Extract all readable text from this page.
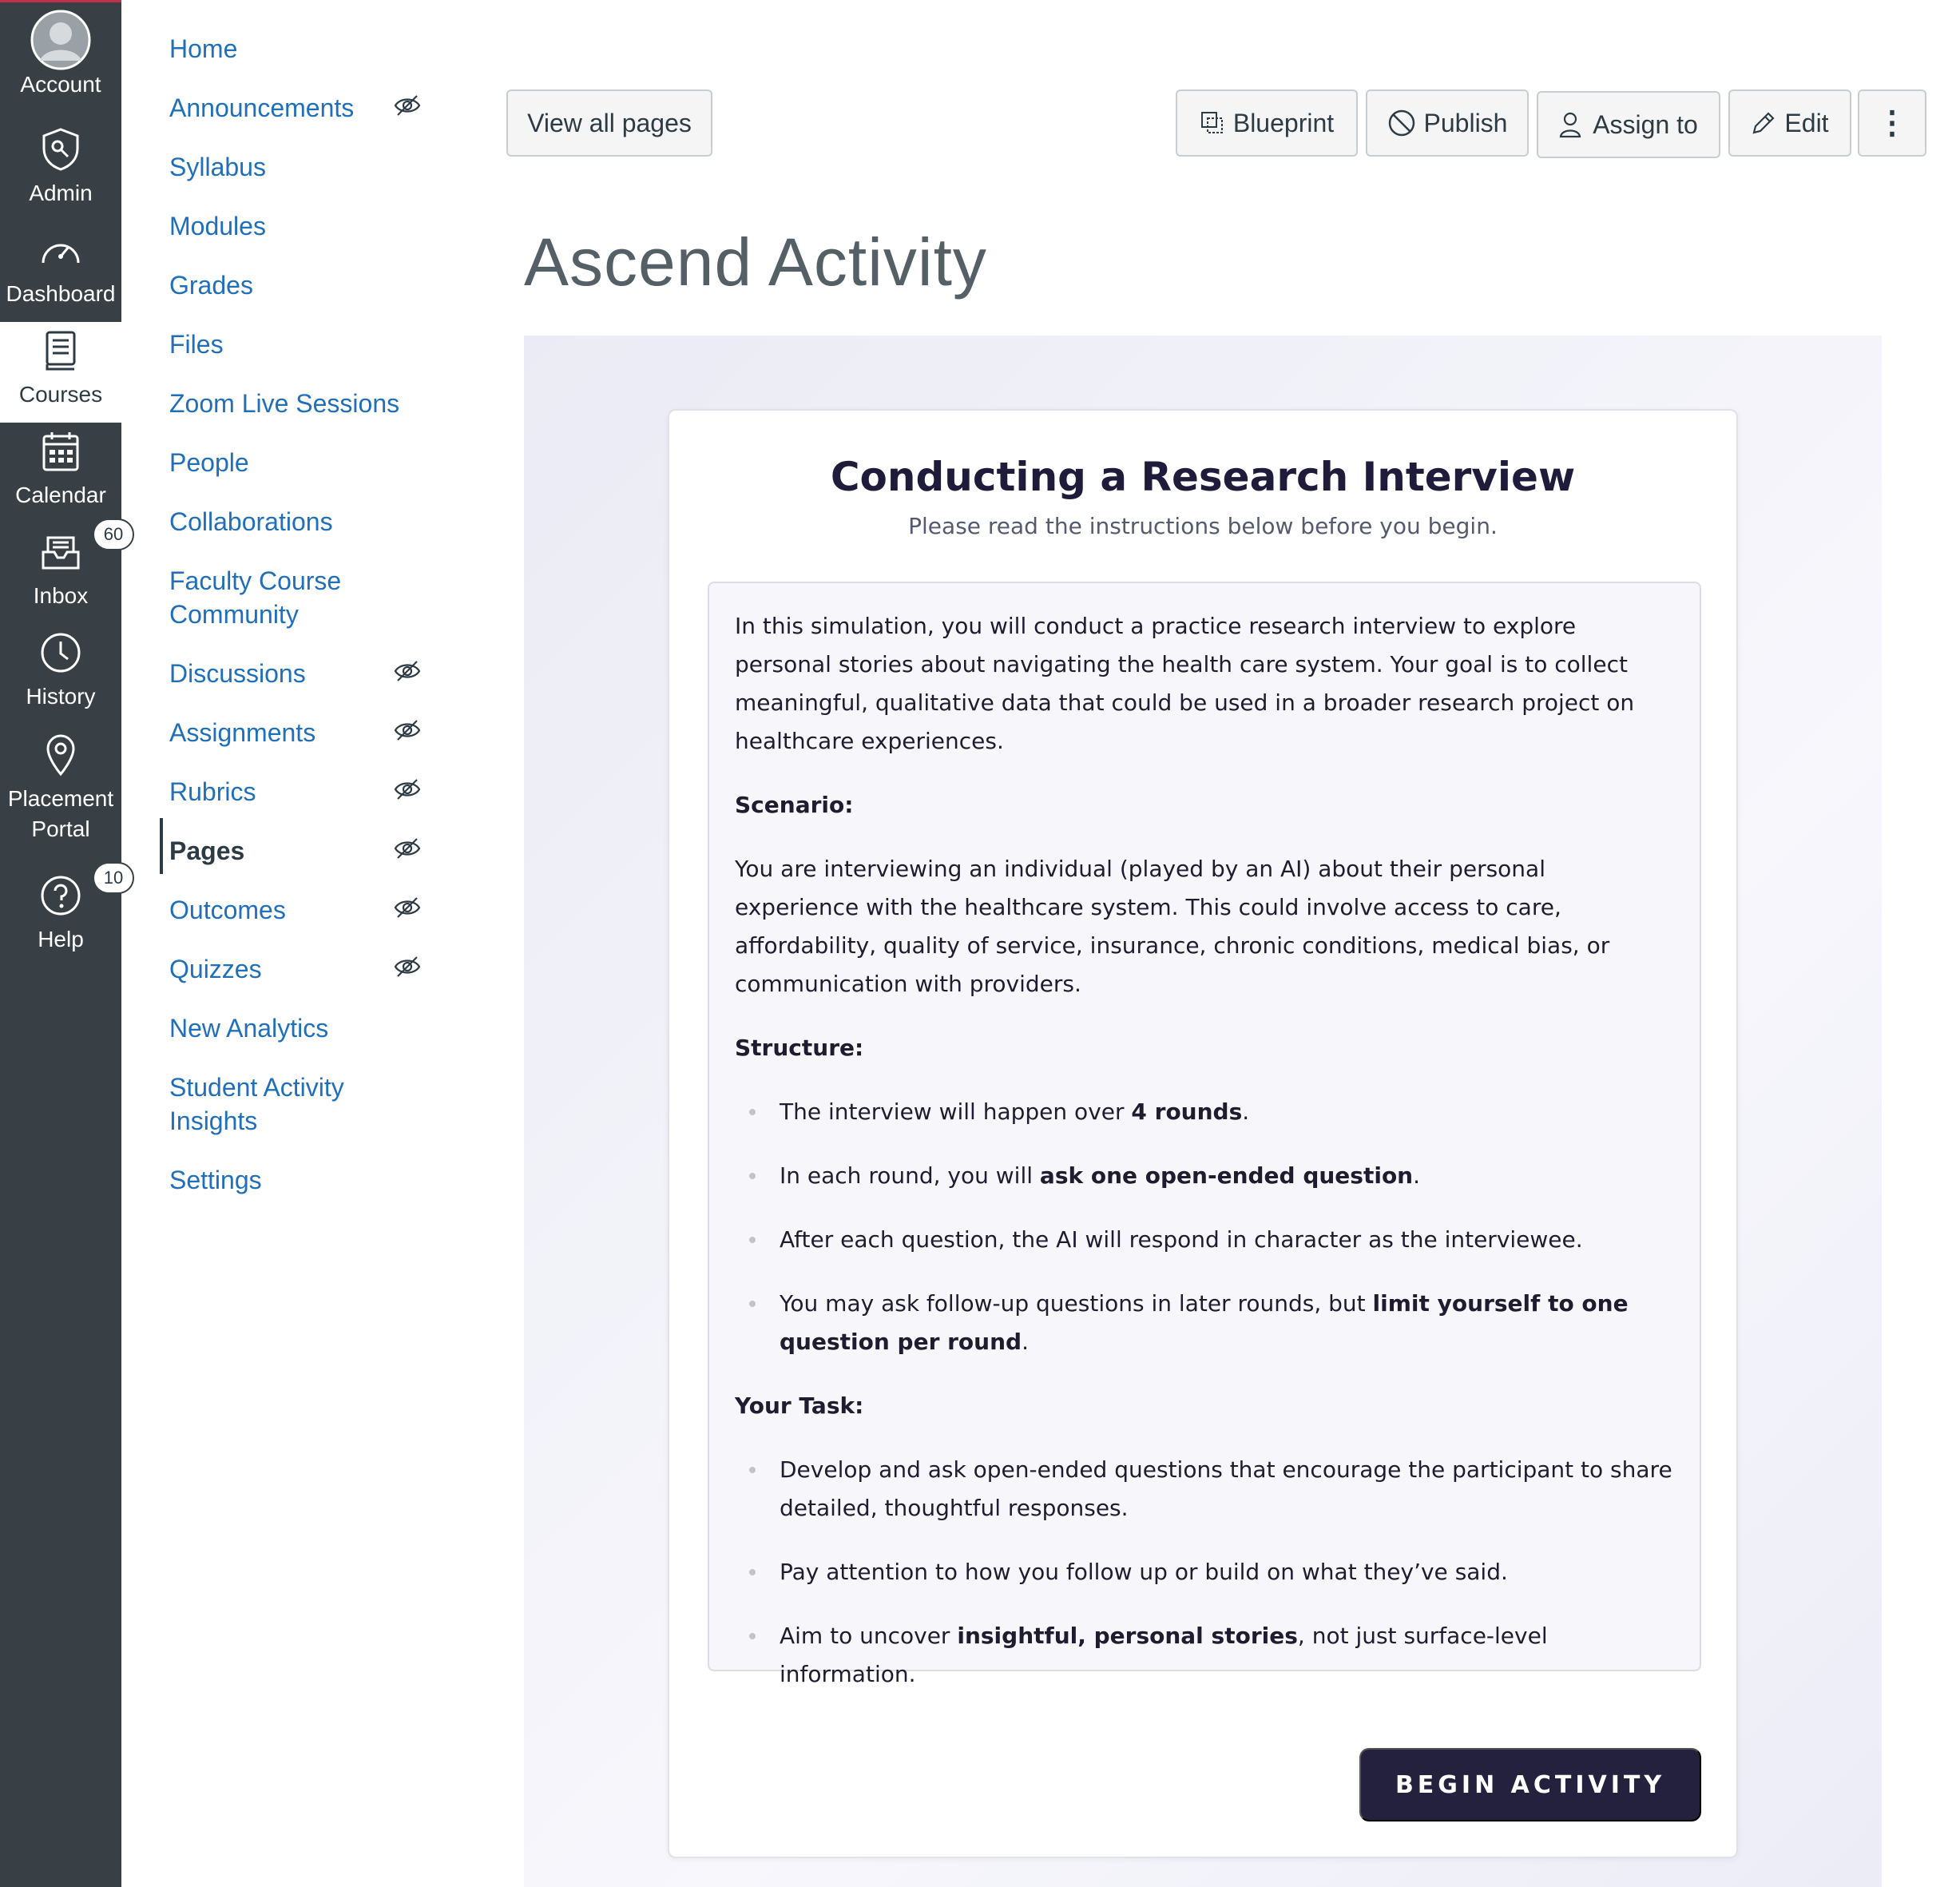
Account
Admin
Dashboard
Courses
Calendar
60
Inbox
History
Placement Portal
10
Help
Home
Announcements
Syllabus
Modules
Grades
Files
Zoom Live Sessions
People
Collaborations
Faculty Course Community
Discussions
Assignments
Rubrics
Pages
Outcomes
Quizzes
New Analytics
Student Activity Insights
Settings
View all pages	Blueprint	Publish	Assign to	Edit ⋮
Ascend Activity
Conducting a Research Interview
Please read the instructions below before you begin.

In this simulation, you will conduct a practice research interview to explore personal stories about navigating the health care system. Your goal is to collect meaningful, qualitative data that could be used in a broader research project on healthcare experiences.

Scenario:

You are interviewing an individual (played by an AI) about their personal experience with the healthcare system. This could involve access to care, affordability, quality of service, insurance, chronic conditions, medical bias, or communication with providers.

Structure:

The interview will happen over 4 rounds.
In each round, you will ask one open-ended question.
After each question, the AI will respond in character as the interviewee.
You may ask follow-up questions in later rounds, but limit yourself to one question per round.

Your Task:

Develop and ask open-ended questions that encourage the participant to share detailed, thoughtful responses.
Pay attention to how you follow up or build on what they’ve said.
Aim to uncover insightful, personal stories, not just surface-level information.
BEGIN ACTIVITY
